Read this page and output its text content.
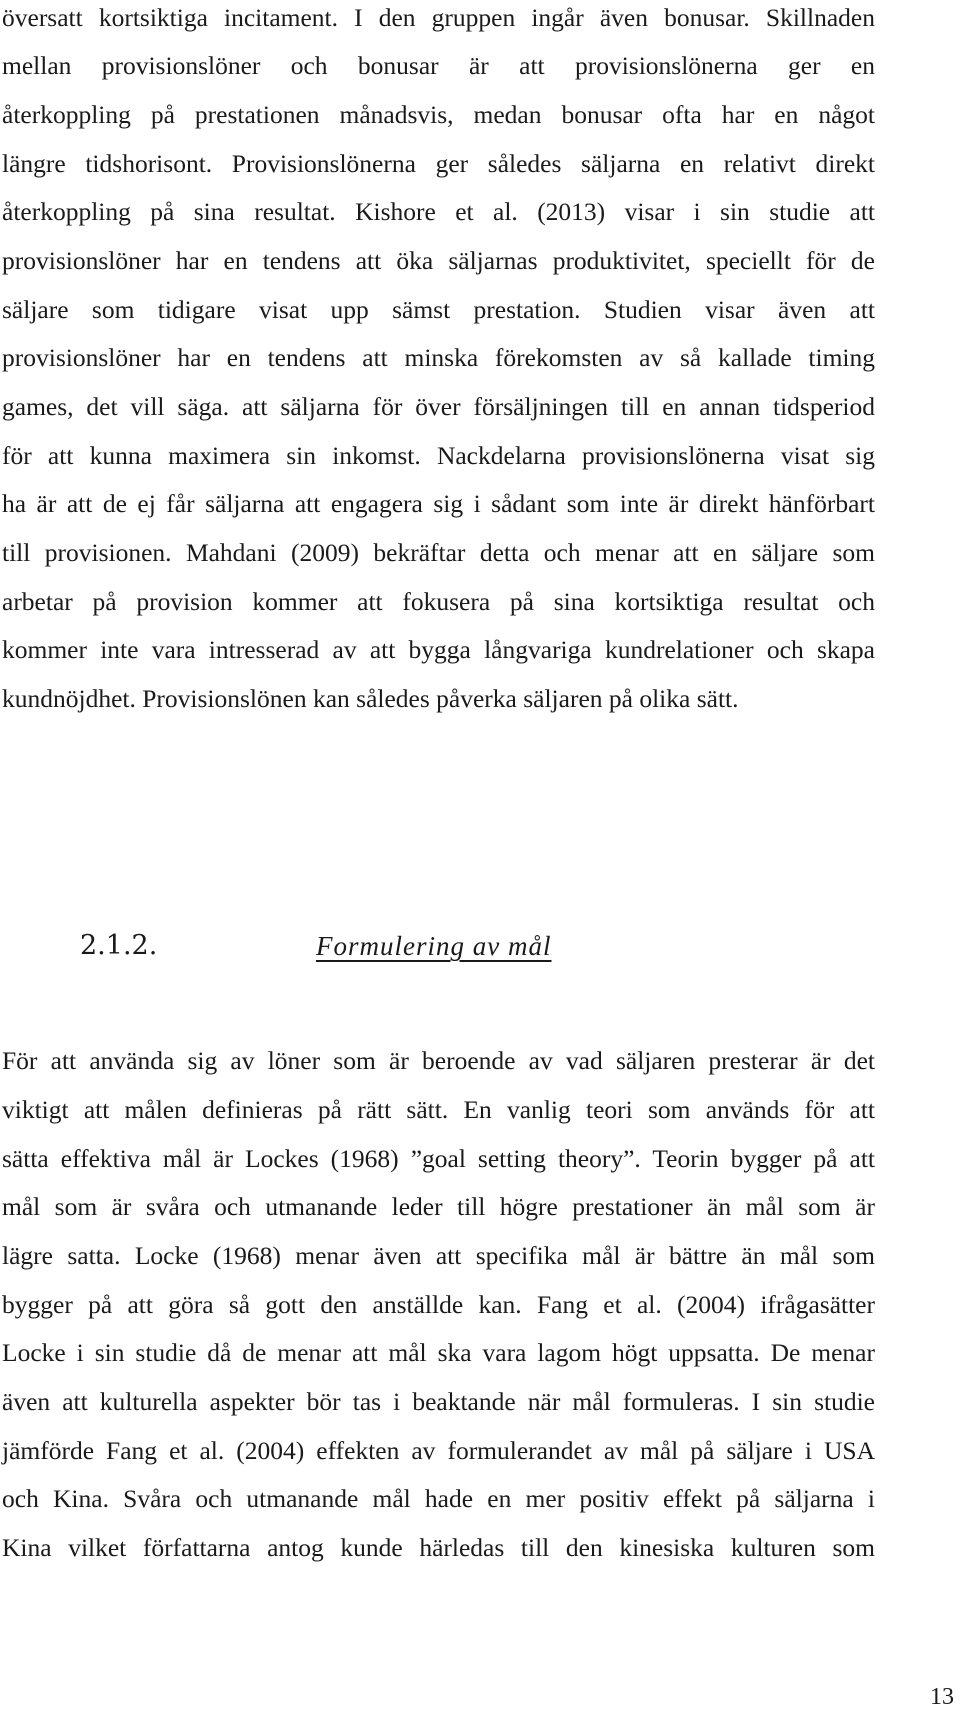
översatt kortsiktiga incitament. I den gruppen ingår även bonusar. Skillnaden
mellan provisionslöner och bonusar är att provisionslönerna ger en
återkoppling på prestationen månadsvis, medan bonusar ofta har en något
längre tidshorisont. Provisionslönerna ger således säljarna en relativt direkt
återkoppling på sina resultat. Kishore et al. (2013) visar i sin studie att
provisionslöner har en tendens att öka säljarnas produktivitet, speciellt för de
säljare som tidigare visat upp sämst prestation. Studien visar även att
provisionslöner har en tendens att minska förekomsten av så kallade timing
games, det vill säga. att säljarna för över försäljningen till en annan tidsperiod
för att kunna maximera sin inkomst. Nackdelarna provisionslönerna visat sig
ha är att de ej får säljarna att engagera sig i sådant som inte är direkt hänförbart
till provisionen. Mahdani (2009) bekräftar detta och menar att en säljare som
arbetar på provision kommer att fokusera på sina kortsiktiga resultat och
kommer inte vara intresserad av att bygga långvariga kundrelationer och skapa
kundnöjdhet. Provisionslönen kan således påverka säljaren på olika sätt.
2.1.2.	Formulering av mål
För att använda sig av löner som är beroende av vad säljaren presterar är det
viktigt att målen definieras på rätt sätt. En vanlig teori som används för att
sätta effektiva mål är Lockes (1968) ”goal setting theory”. Teorin bygger på att
mål som är svåra och utmanande leder till högre prestationer än mål som är
lägre satta. Locke (1968) menar även att specifika mål är bättre än mål som
bygger på att göra så gott den anställde kan. Fang et al. (2004) ifrågasätter
Locke i sin studie då de menar att mål ska vara lagom högt uppsatta. De menar
även att kulturella aspekter bör tas i beaktande när mål formuleras. I sin studie
jämförde Fang et al. (2004) effekten av formulerandet av mål på säljare i USA
och Kina. Svåra och utmanande mål hade en mer positiv effekt på säljarna i
Kina vilket författarna antog kunde härledas till den kinesiska kulturen som
13
